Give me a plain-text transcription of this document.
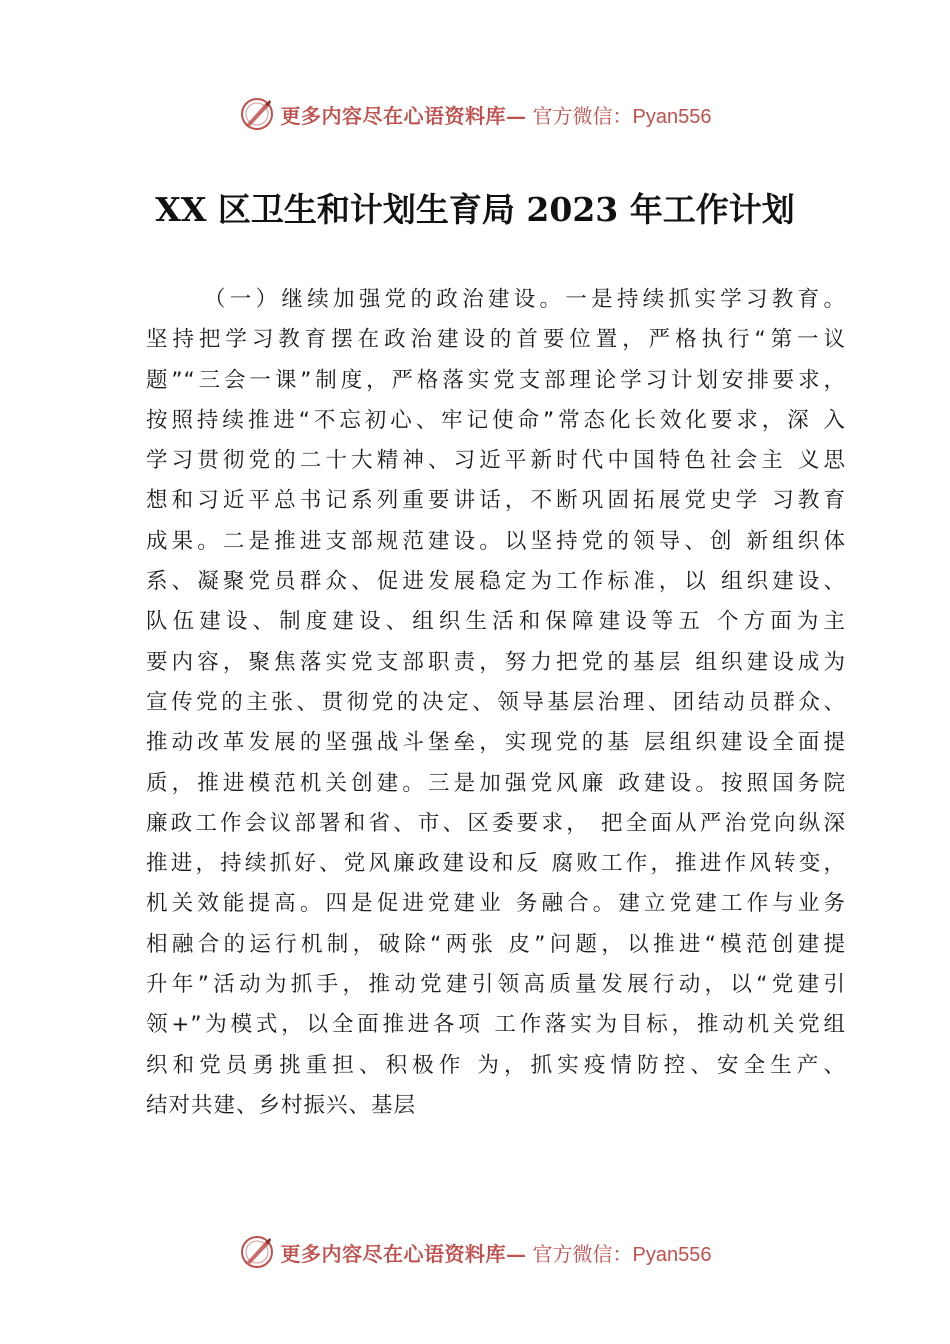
更多内容尽在心语资料库— 官方微信：Pyan556
XX 区卫生和计划生育局 2023 年工作计划
（一）继续加强党的政治建设。一是持续抓实学习教育。
坚持把学习教育摆在政治建设的首要位置，严格执行“第一议
题”“三会一课”制度，严格落实党支部理论学习计划安排要求，
按照持续推进“不忘初心、牢记使命”常态化长效化要求，深 入
学习贯彻党的二十大精神、习近平新时代中国特色社会主 义思
想和习近平总书记系列重要讲话，不断巩固拓展党史学 习教育
成果。二是推进支部规范建设。以坚持党的领导、创 新组织体
系、凝聚党员群众、促进发展稳定为工作标准，以 组织建设、
队伍建设、制度建设、组织生活和保障建设等五 个方面为主
要内容，聚焦落实党支部职责，努力把党的基层 组织建设成为
宣传党的主张、贯彻党的决定、领导基层治理、团结动员群众、
推动改革发展的坚强战斗堡垒，实现党的基 层组织建设全面提
质，推进模范机关创建。三是加强党风廉 政建设。按照国务院
廉政工作会议部署和省、市、区委要求， 把全面从严治党向纵深
推进，持续抓好、党风廉政建设和反 腐败工作，推进作风转变，
机关效能提高。四是促进党建业 务融合。建立党建工作与业务
相融合的运行机制，破除“两张 皮”问题，以推进“模范创建提
升年”活动为抓手，推动党建引领高质量发展行动，以“党建引
领+”为模式，以全面推进各项 工作落实为目标，推动机关党组
织和党员勇挑重担、积极作 为，抓实疫情防控、安全生产、
结对共建、乡村振兴、基层
更多内容尽在心语资料库— 官方微信：Pyan556
